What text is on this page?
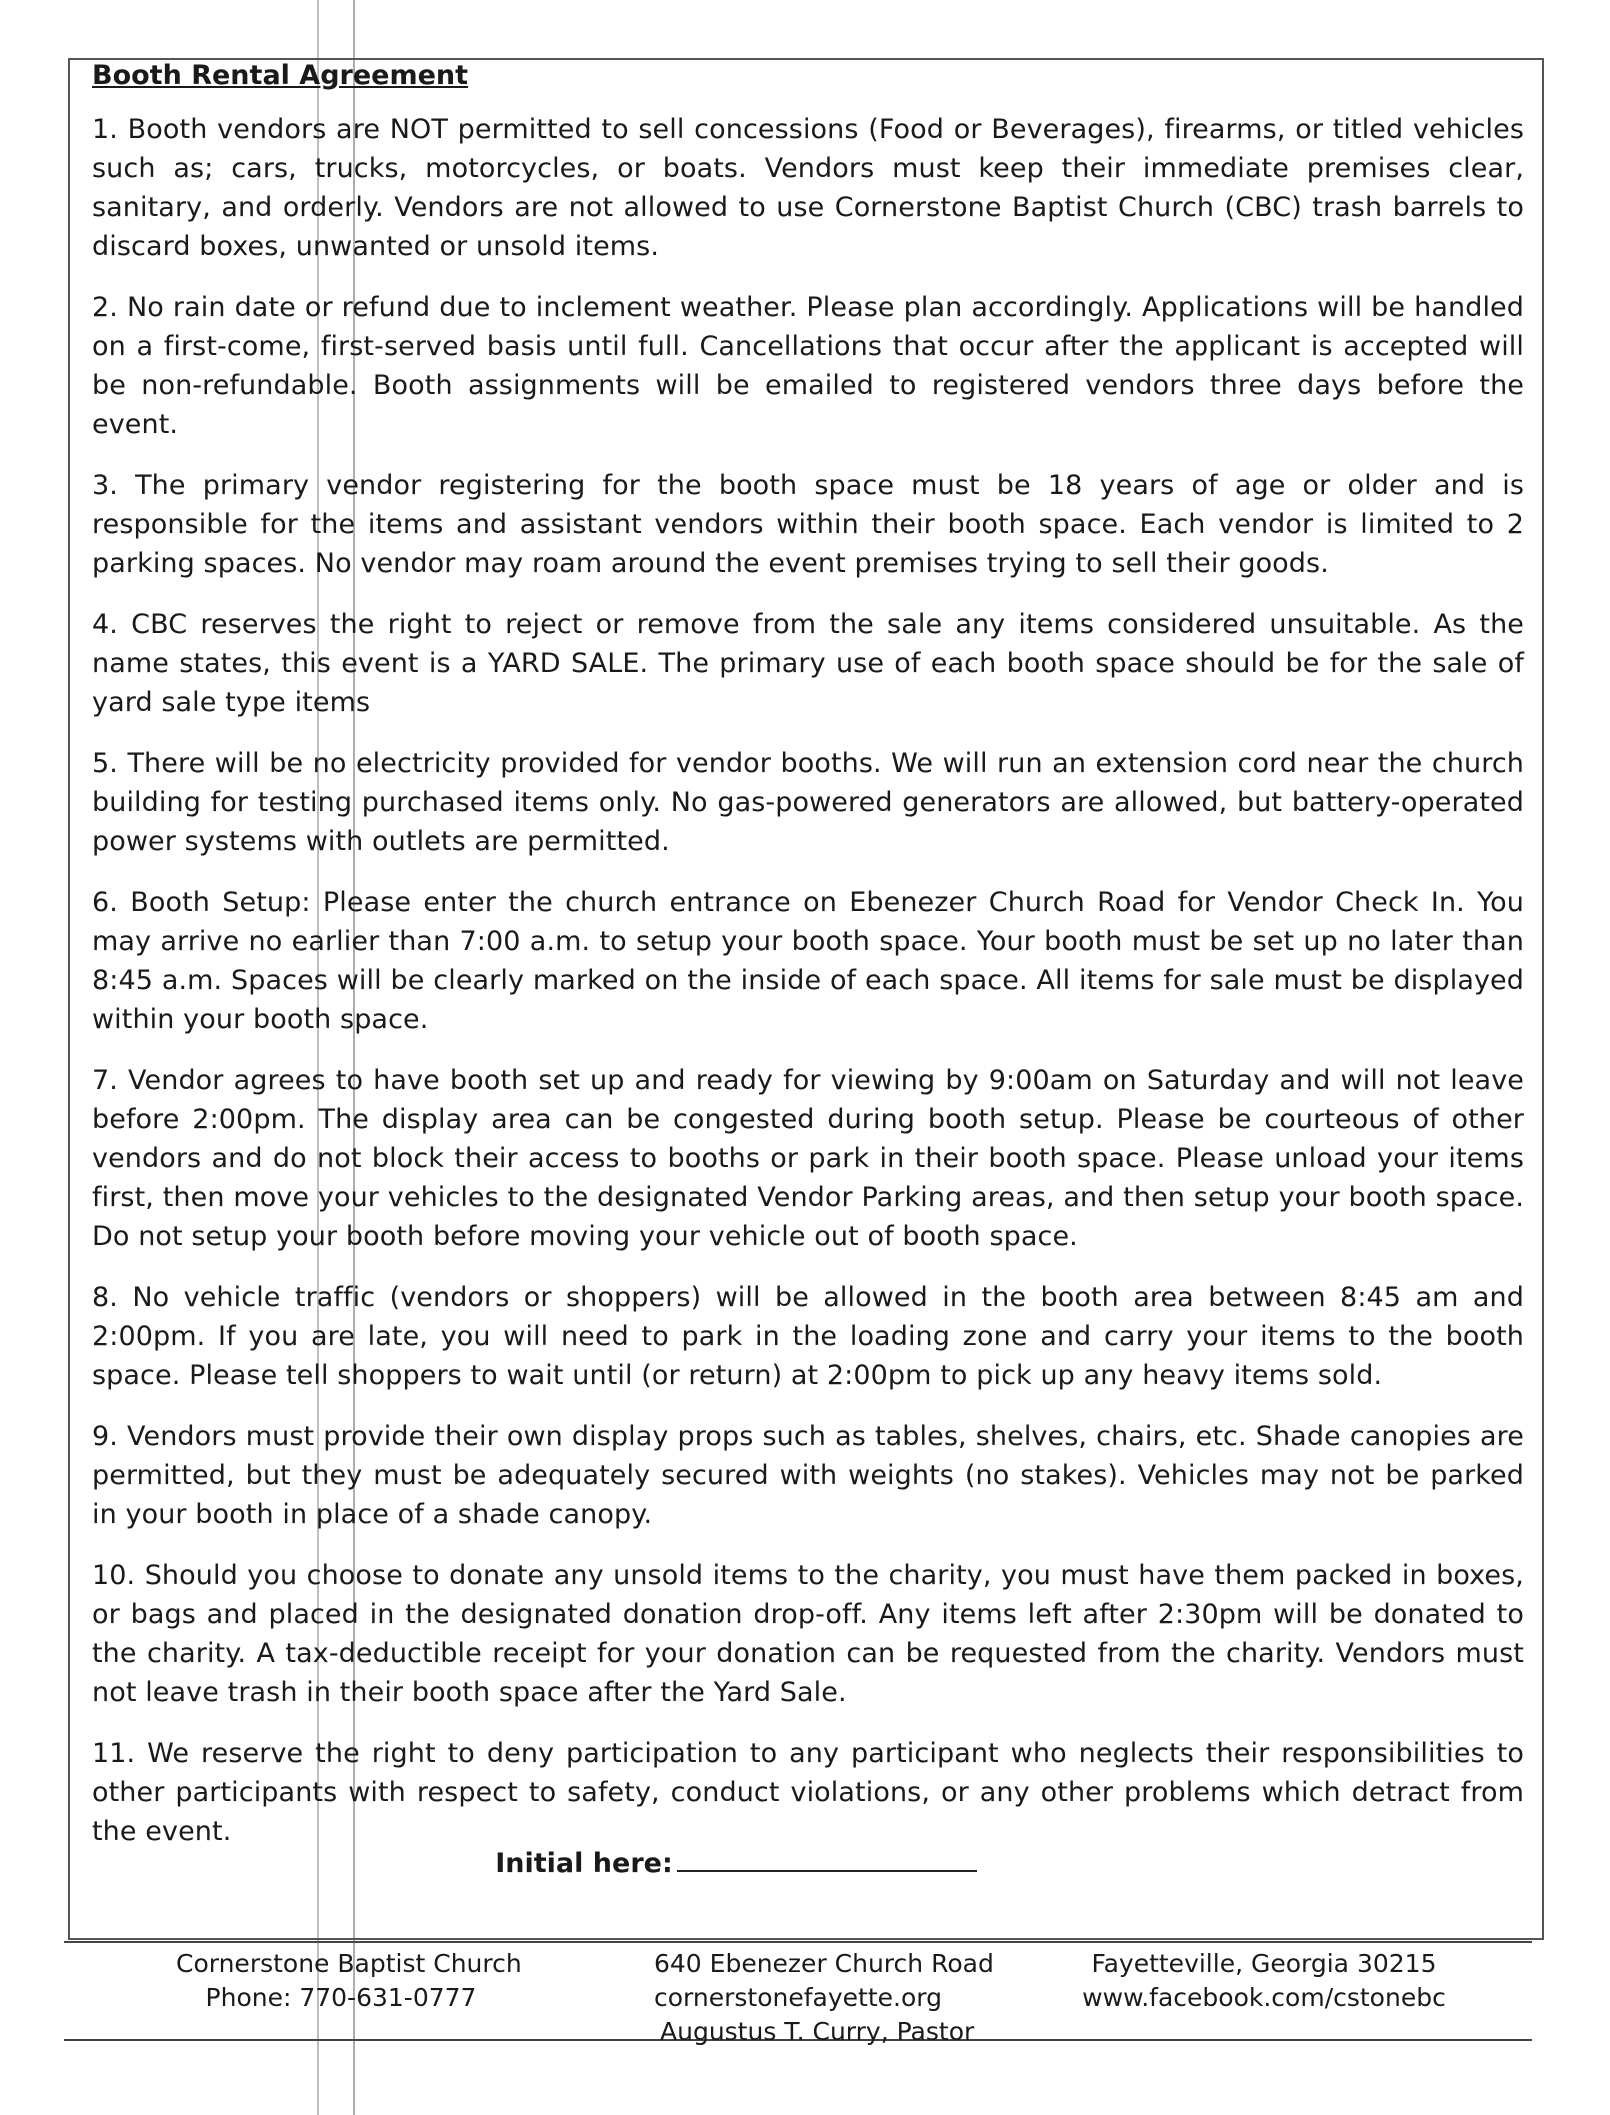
Booth Rental Agreement

1. Booth vendors are NOT permitted to sell concessions (Food or Beverages), firearms, or titled vehicles such as; cars, trucks, motorcycles, or boats. Vendors must keep their immediate premises clear, sanitary, and orderly. Vendors are not allowed to use Cornerstone Baptist Church (CBC) trash barrels to discard boxes, unwanted or unsold items.

2. No rain date or refund due to inclement weather. Please plan accordingly. Applications will be handled on a first-come, first-served basis until full. Cancellations that occur after the applicant is accepted will be non-refundable. Booth assignments will be emailed to registered vendors three days before the event.

3. The primary vendor registering for the booth space must be 18 years of age or older and is responsible for the items and assistant vendors within their booth space. Each vendor is limited to 2 parking spaces. No vendor may roam around the event premises trying to sell their goods.

4. CBC reserves the right to reject or remove from the sale any items considered unsuitable. As the name states, this event is a YARD SALE. The primary use of each booth space should be for the sale of yard sale type items

5. There will be no electricity provided for vendor booths. We will run an extension cord near the church building for testing purchased items only. No gas-powered generators are allowed, but battery-operated power systems with outlets are permitted.

6. Booth Setup: Please enter the church entrance on Ebenezer Church Road for Vendor Check In. You may arrive no earlier than 7:00 a.m. to setup your booth space. Your booth must be set up no later than 8:45 a.m. Spaces will be clearly marked on the inside of each space. All items for sale must be displayed within your booth space.

7. Vendor agrees to have booth set up and ready for viewing by 9:00am on Saturday and will not leave before 2:00pm. The display area can be congested during booth setup. Please be courteous of other vendors and do not block their access to booths or park in their booth space. Please unload your items first, then move your vehicles to the designated Vendor Parking areas, and then setup your booth space. Do not setup your booth before moving your vehicle out of booth space.

8. No vehicle traffic (vendors or shoppers) will be allowed in the booth area between 8:45 am and 2:00pm. If you are late, you will need to park in the loading zone and carry your items to the booth space. Please tell shoppers to wait until (or return) at 2:00pm to pick up any heavy items sold.

9. Vendors must provide their own display props such as tables, shelves, chairs, etc. Shade canopies are permitted, but they must be adequately secured with weights (no stakes). Vehicles may not be parked in your booth in place of a shade canopy.

10. Should you choose to donate any unsold items to the charity, you must have them packed in boxes, or bags and placed in the designated donation drop-off. Any items left after 2:30pm will be donated to the charity. A tax-deductible receipt for your donation can be requested from the charity. Vendors must not leave trash in their booth space after the Yard Sale.

11. We reserve the right to deny participation to any participant who neglects their responsibilities to other participants with respect to safety, conduct violations, or any other problems which detract from the event.

Initial here:
Cornerstone Baptist Church
Phone: 770-631-0777
640 Ebenezer Church Road
cornerstonefayette.org
Augustus T. Curry, Pastor
Fayetteville, Georgia 30215
www.facebook.com/cstonebc
